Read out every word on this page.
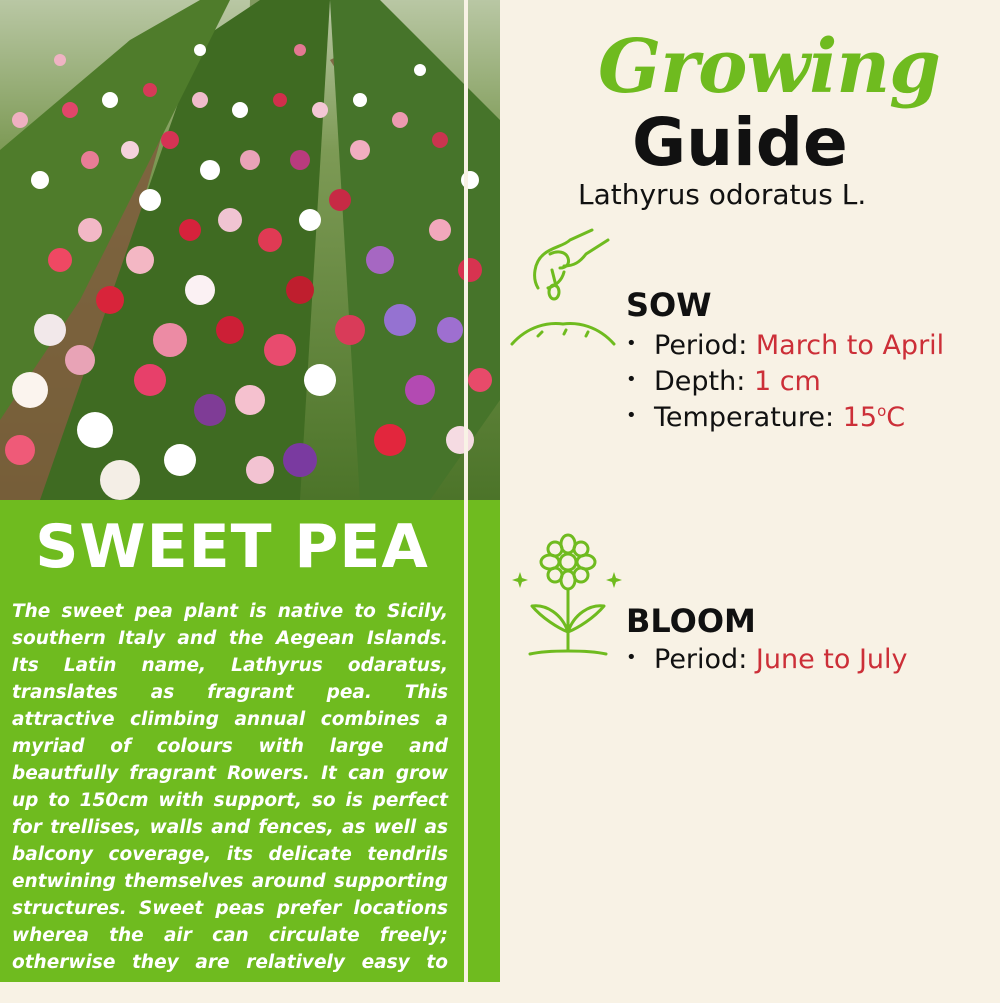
SWEET PEA
The sweet pea plant is native to Sicily, southern Italy and the Aegean Islands. Its Latin name, Lathyrus odaratus, translates as fragrant pea. This attractive climbing annual combines a myriad of colours with large and beautfully fragrant Rowers. It can grow up to 150cm with support, so is perfect for trellises, walls and fences, as well as balcony coverage, its delicate tendrils entwining themselves around supporting structures. Sweet peas prefer locations wherea the air can circulate freely; otherwise they are relatively easy to
Growing
Guide
Lathyrus odoratus L.
SOW
• Period: March to April
• Depth: 1 cm
• Temperature: 15$^o$C
BLOOM
• Period: June to July
